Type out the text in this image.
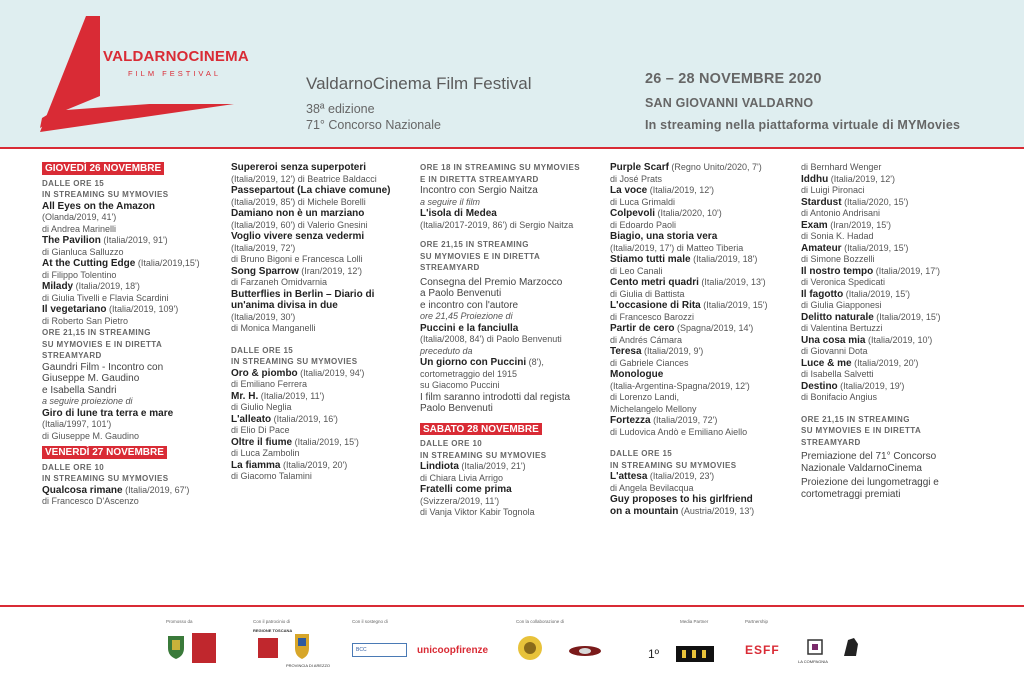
VALDARNOCINEMA
FILM FESTIVAL
ValdarnoCinema Film Festival
38ª edizione
71° Concorso Nazionale
26 – 28 NOVEMBRE 2020
SAN GIOVANNI VALDARNO
In streaming nella piattaforma virtuale di MYMovies
GIOVEDÌ 26 NOVEMBRE

DALLE ORE 15

IN STREAMING SU MYMOVIES

All Eyes on the Amazon

(Olanda/2019, 41')

di Andrea Marinelli

The Pavilion (Italia/2019, 91')

di Gianluca Salluzzo

At the Cutting Edge (Italia/2019,15')

di Filippo Tolentino

Milady (Italia/2019, 18')

di Giulia Tivelli e Flavia Scardini

Il vegetariano (Italia/2019, 109')

di Roberto San Pietro

ORE 21,15 IN STREAMING

SU MYMOVIES E IN DIRETTA

STREAMYARD

Gaundri Film - Incontro con

Giuseppe M. Gaudino

e Isabella Sandri

a seguire proiezione di

Giro di lune tra terra e mare

(Italia/1997, 101')

di Giuseppe M. Gaudino

VENERDÌ 27 NOVEMBRE

DALLE ORE 10

IN STREAMING SU MYMOVIES

Qualcosa rimane (Italia/2019, 67')

di Francesco D'Ascenzo

Supereroi senza superpoteri

(Italia/2019, 12') di Beatrice Baldacci

Passepartout (La chiave comune)

(Italia/2019, 85') di Michele Borelli

Damiano non è un marziano

(Italia/2019, 60') di Valerio Gnesini

Voglio vivere senza vedermi

(Italia/2019, 72')

di Bruno Bigoni e Francesca Lolli

Song Sparrow (Iran/2019, 12')

di Farzaneh Omidvarnia

Butterflies in Berlin – Diario di

un'anima divisa in due

(Italia/2019, 30')

di Monica Manganelli

DALLE ORE 15

IN STREAMING SU MYMOVIES

Oro & piombo (Italia/2019, 94')

di Emiliano Ferrera

Mr. H. (Italia/2019, 11')

di Giulio Neglia

L'alleato (Italia/2019, 16')

di Elio Di Pace

Oltre il fiume (Italia/2019, 15')

di Luca Zambolin

La fiamma (Italia/2019, 20')

di Giacomo Talamini

ORE 18 IN STREAMING SU MYMOVIES

E IN DIRETTA STREAMYARD

Incontro con Sergio Naitza

a seguire il film

L'isola di Medea

(Italia/2017-2019, 86') di Sergio Naitza

ORE 21,15 IN STREAMING

SU MYMOVIES E IN DIRETTA

STREAMYARD

Consegna del Premio Marzocco

a Paolo Benvenuti

e incontro con l'autore

ore 21,45 Proiezione di

Puccini e la fanciulla

(Italia/2008, 84') di Paolo Benvenuti

preceduto da

Un giorno con Puccini (8'),

cortometraggio del 1915

su Giacomo Puccini

I film saranno introdotti dal regista

Paolo Benvenuti

SABATO 28 NOVEMBRE

DALLE ORE 10

IN STREAMING SU MYMOVIES

Lindiota (Italia/2019, 21')

di Chiara Livia Arrigo

Fratelli come prima

(Svizzera/2019, 11')

di Vanja Viktor Kabir Tognola

Purple Scarf (Regno Unito/2020, 7')

di José Prats

La voce (Italia/2019, 12')

di Luca Grimaldi

Colpevoli (Italia/2020, 10')

di Edoardo Paoli

Biagio, una storia vera

(Italia/2019, 17') di Matteo Tiberia

Stiamo tutti male (Italia/2019, 18')

di Leo Canali

Cento metri quadri (Italia/2019, 13')

di Giulia di Battista

L'occasione di Rita (Italia/2019, 15')

di Francesco Barozzi

Partir de cero (Spagna/2019, 14')

di Andrés Cámara

Teresa (Italia/2019, 9')

di Gabriele Ciances

Monologue

(Italia-Argentina-Spagna/2019, 12')

di Lorenzo Landi,

Michelangelo Mellony

Fortezza (Italia/2019, 72')

di Ludovica Andò e Emiliano Aiello

DALLE ORE 15

IN STREAMING SU MYMOVIES

L'attesa (Italia/2019, 23')

di Angela Bevilacqua

Guy proposes to his girlfriend

on a mountain (Austria/2019, 13')

di Bernhard Wenger

Iddhu (Italia/2019, 12')

di Luigi Pironaci

Stardust (Italia/2020, 15')

di Antonio Andrisani

Exam (Iran/2019, 15')

di Sonia K. Hadad

Amateur (Italia/2019, 15')

di Simone Bozzelli

Il nostro tempo (Italia/2019, 17')

di Veronica Spedicati

Il fagotto (Italia/2019, 15')

di Giulia Giapponesi

Delitto naturale (Italia/2019, 15')

di Valentina Bertuzzi

Una cosa mia (Italia/2019, 10')

di Giovanni Dota

Luce & me (Italia/2019, 20')

di Isabella Salvetti

Destino (Italia/2019, 19')

di Bonifacio Angius

ORE 21,15 IN STREAMING

SU MYMOVIES E IN DIRETTA

STREAMYARD

Premiazione del 71° Concorso

Nazionale ValdarnoCinema

Proiezione dei lungometraggi e

cortometraggi premiati

Promosso da	Con il patrocinio di	Con il sostegno di	Con la collaborazione di	Media Partner	Partnership
REGIONE TOSCANA
PROVINCIA DI AREZZO
BCC	unicoopfirenze	1º	ESFF
LA COMPAGNIA
